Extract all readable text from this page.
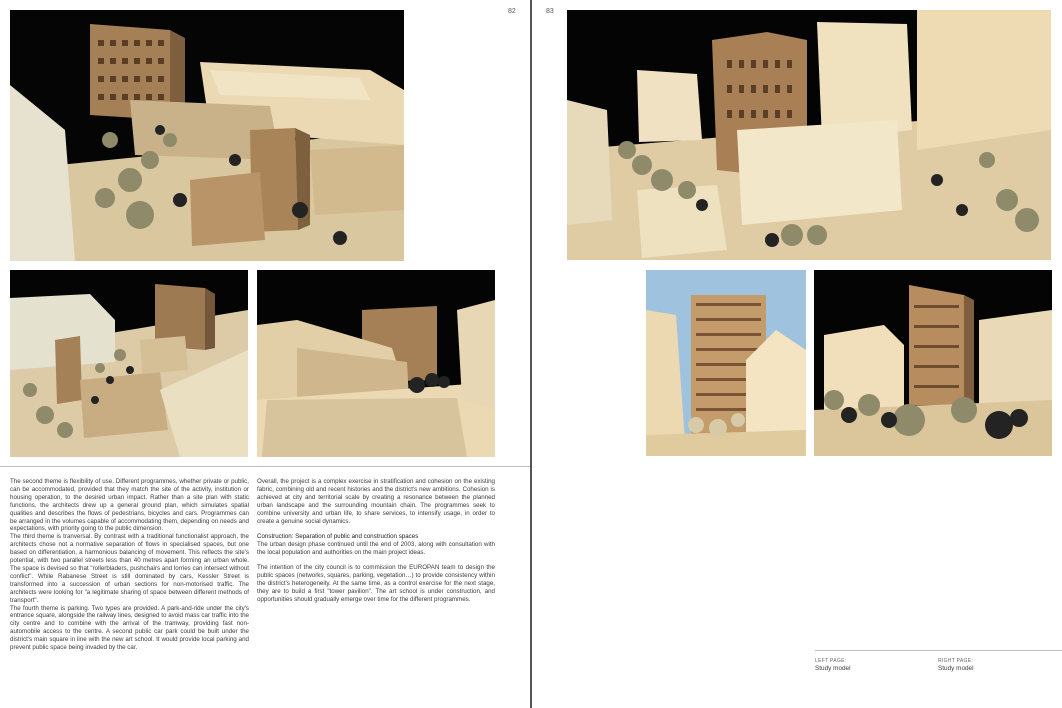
82

The second theme is flexibility of use. Different programmes, whether private or public, can be accommodated, provided that they match the site of the activity, institution or housing operation, to the desired urban impact. Rather than a site plan with static functions, the architects drew up a general ground plan, which simulates spatial qualities and describes the flows of pedestrians, bicycles and cars. Programmes can be arranged in the volumes capable of accommodating them, depending on needs and expectations, with priority going to the public dimension.

The third theme is tranversal. By contrast with a traditional functionalist approach, the architects chose not a normative separation of flows in specialised spaces, but one based on differentiation, a harmonious balancing of movement. This reflects the site's potential, with two parallel streets less than 40 metres apart forming an urban whole. The space is devised so that "rollerbladers, pushchairs and lorries can intersect without conflict". While Rabanese Street is still dominated by cars, Kessler Street is transformed into a succession of urban sections for non-motorised traffic. The architects were looking for "a legitimate sharing of space between different methods of transport".

The fourth theme is parking. Two types are provided. A park-and-ride under the city's entrance square, alongside the railway lines, designed to avoid mass car traffic into the city centre and to combine with the arrival of the tramway, providing fast non-automobile access to the centre. A second public car park could be built under the district's main square in line with the new art school. It would provide local parking and prevent public space being invaded by the car.

Overall, the project is a complex exercise in stratification and cohesion on the existing fabric, combining old and recent histories and the district's new ambitions. Cohesion is achieved at city and territorial scale by creating a resonance between the planned urban landscape and the surrounding mountain chain. The programmes seek to combine university and urban life, to share services, to intensify usage, in order to create a genuine social dynamics.

Construction: Separation of public and construction spaces

The urban design phase continued until the end of 2003, along with consultation with the local population and authorities on the main project ideas.

The intention of the city council is to commission the EUROPAN team to design the public spaces (networks, squares, parking, vegetation…) to provide consistency within the district's heterogeneity. At the same time, as a control exercise for the next stage, they are to build a first "tower pavilion". The art school is under construction, and opportunities should gradually emerge over time for the different programmes.

83
LEFT PAGE:
Study model
RIGHT PAGE:
Study model
